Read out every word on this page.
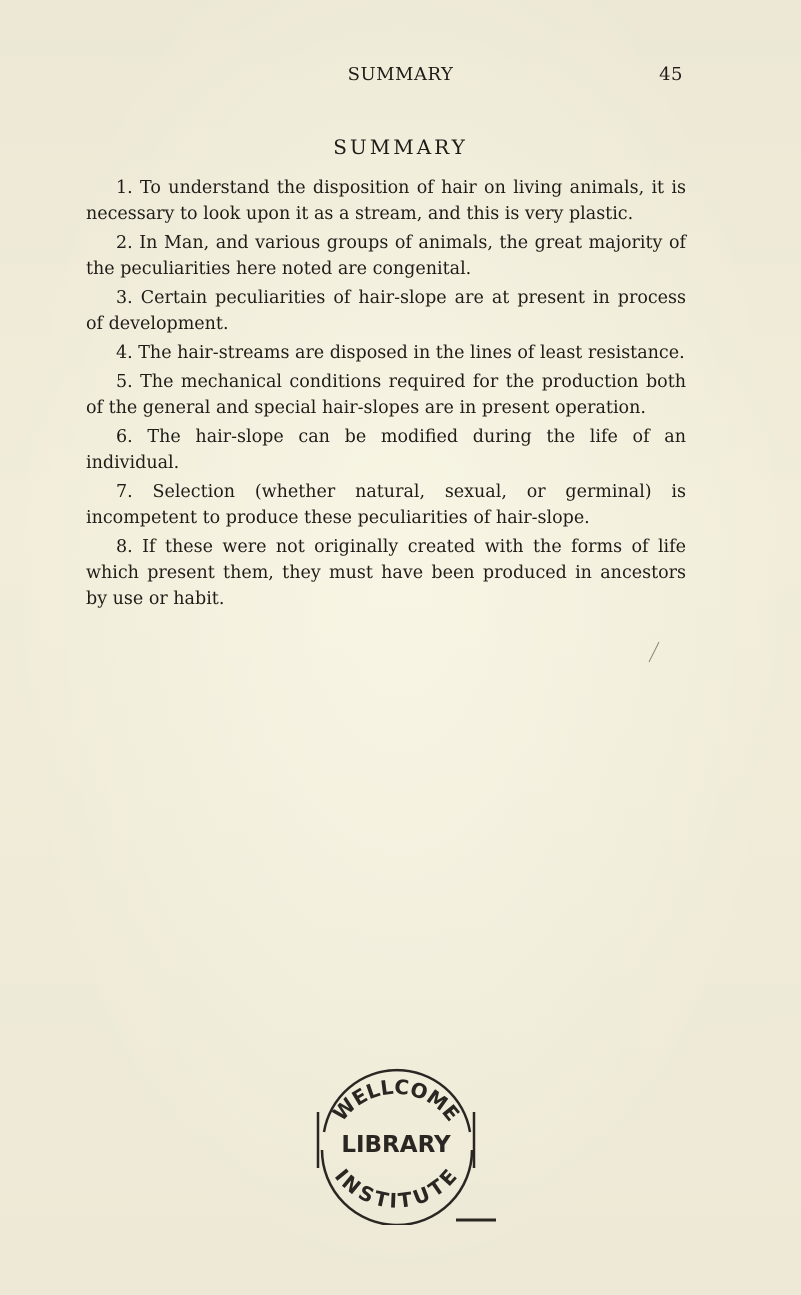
SUMMARY	45
SUMMARY

1. To understand the disposition of hair on living animals, it is necessary to look upon it as a stream, and this is very plastic.

2. In Man, and various groups of animals, the great majority of the peculiarities here noted are congenital.

3. Certain peculiarities of hair-slope are at present in process of development.

4. The hair-streams are disposed in the lines of least resistance.

5. The mechanical conditions required for the production both of the general and special hair-slopes are in present operation.

6. The hair-slope can be modified during the life of an individual.

7. Selection (whether natural, sexual, or germinal) is incompetent to produce these peculiarities of hair-slope.

8. If these were not originally created with the forms of life which present them, they must have been produced in ancestors by use or habit.

WELLCOME
LIBRARY
INSTITUTE
